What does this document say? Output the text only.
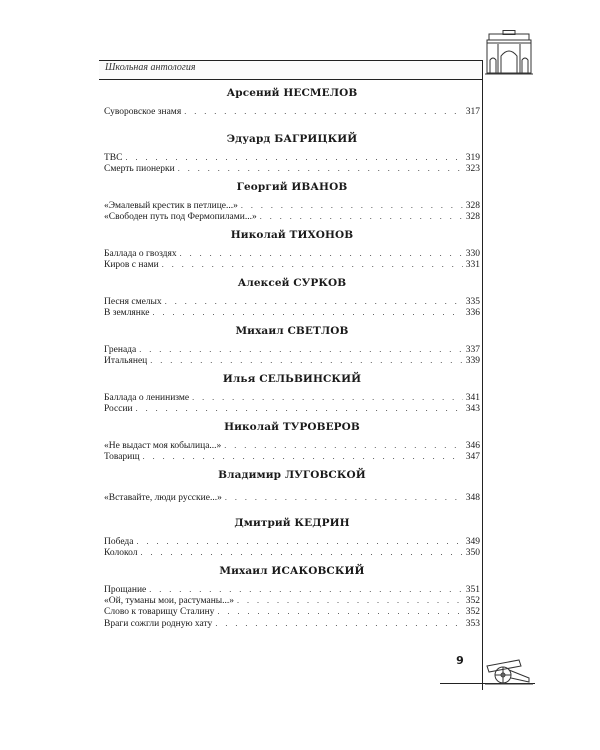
Школьная антология
9
Арсений НЕСМЕЛОВ
Суворовское знамя . . .	317
Эдуард БАГРИЦКИЙ
ТВС . . .	319
Смерть пионерки . . .	323
Георгий ИВАНОВ
«Эмалевый крестик в петлице...» . . .	328
«Свободен путь под Фермопилами...» . . .	328
Николай ТИХОНОВ
Баллада о гвоздях . . .	330
Киров с нами . . .	331
Алексей СУРКОВ
Песня смелых . . .	335
В землянке . . .	336
Михаил СВЕТЛОВ
Гренада . . .	337
Итальянец . . .	339
Илья СЕЛЬВИНСКИЙ
Баллада о ленинизме . . .	341
России . . .	343
Николай ТУРОВЕРОВ
«Не выдаст моя кобылица...» . . .	346
Товарищ . . .	347
Владимир ЛУГОВСКОЙ
«Вставайте, люди русские...» . . .	348
Дмитрий КЕДРИН
Победа . . .	349
Колокол . . .	350
Михаил ИСАКОВСКИЙ
Прощание . . .	351
«Ой, туманы мои, растуманы...» . . .	352
Слово к товарищу Сталину . . .	352
Враги сожгли родную хату . . .	353
